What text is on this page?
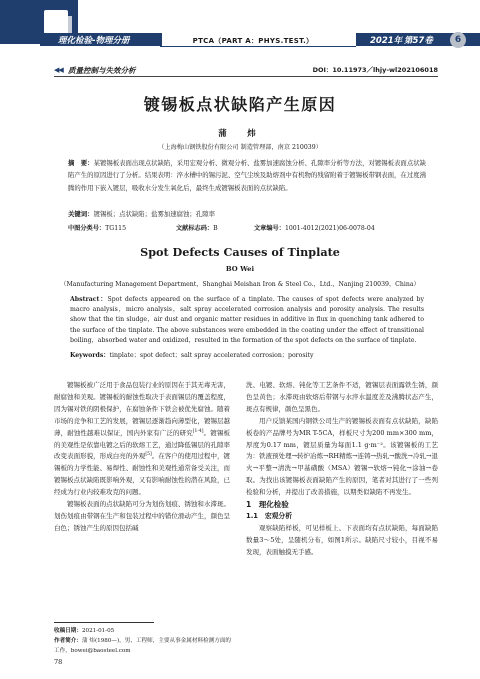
理化检验-物理分册	PTCA（PART A：PHYS.TEST.）	2021年 第57卷	6
◀◀ 质量控制与失效分析	DOI：10.11973／lhjy-wl202106018
镀锡板点状缺陷产生原因
蒲　炜
（上海梅山钢铁股份有限公司 制造管理部，南京 210039）
摘　要：某镀锡板表面出现点状缺陷，采用宏观分析、微观分析、盐雾加速腐蚀分析、孔隙率分析等方法，对镀锡板表面点状缺陷产生的原因进行了分析。结果表明：淬水槽中的锡污泥、空气尘埃及助熔剂中有机物的残留附着于镀锡板带钢表面，在过度沸腾的作用下嵌入镀层，吸收水分发生氧化后，最终生成镀锡板表面的点状缺陷。
关键词：镀锡板；点状缺陷；盐雾加速腐蚀；孔隙率
中图分类号：TG115	文献标志码：B	文章编号：1001-4012(2021)06-0078-04
Spot Defects Causes of Tinplate
BO Wei
（Manufacturing Management Department，Shanghai Meishan Iron & Steel Co.，Ltd.，Nanjing 210039，China）
Abstract：Spot defects appeared on the surface of a tinplate. The causes of spot defects were analyzed by macro analysis，micro analysis，salt spray accelerated corrosion analysis and porosity analysis. The results show that the tin sludge，air dust and organic matter residues in additive in flux in quenching tank adhered to the surface of the tinplate. The above substances were embedded in the coating under the effect of transitional boiling，absorbed water and oxidized，resulted in the formation of the spot defects on the surface of tinplate.
Keywords：tinplate；spot defect；salt spray accelerated corrosion；porosity

镀锡板被广泛用于食品包装行业的原因在于其无毒无害，耐腐蚀和美观。镀锡板的耐蚀性取决于表面锡层的覆盖程度，因为锡对铁的阴极保护，在腐蚀条件下铁会被优先腐蚀。随着市场的竞争和工艺的发展，镀锡层逐渐趋向薄型化，镀锡层越薄，耐蚀性越难以保证，国内外家有广泛的研究[1-4]。镀锡板的美观性是依靠电镀之后的软熔工艺，通过降低锡层的孔隙率改变表面形貌，形成白亮的外观[5]。在客户的使用过程中，镀锡板的力学性能、易焊性、耐蚀性和美观性通常备受关注，而镀锡板点状缺陷既影响外观，又有影响耐蚀性的潜在风险，已经成为行业内较难攻克的问题。

镀锡板表面的点状缺陷可分为划伤划痕、锈蚀和水滞斑。划伤划痕由带钢在生产和包装过程中的错位滑动产生，颜色呈白色；锈蚀产生的原因包括碱

洗、电镀、软熔、钝化等工艺条件不适，镀锡层表面露铁生锈，颜色呈黄色；水滞斑由软熔后带钢与水淬水温度差及沸腾状态产生，斑点有规律，颜色呈黑色。

用户反馈某国内钢铁公司生产的镀锡板表面有点状缺陷，缺陷板卷的产品牌号为MR T-5CA，样板尺寸为200 mm×300 mm，厚度为0.17 mm，镀层质量为每面1.1 g·m⁻²。该镀锡板的工艺为：铁液预处理→转炉冶炼→RH精炼→连铸→热轧→酸洗→冷轧→退火→平整→清洗→甲基磺酸（MSA）镀锡→软熔→钝化→涂油→卷取。为找出该镀锡板表面缺陷产生的原因，笔者对其进行了一些列检验和分析，并提出了改善措施，以期类似缺陷不再发生。

1　理化检验

1.1　宏观分析

观察缺陷样板，可见样板上、下表面均有点状缺陷，每面缺陷数量3～5处，呈随机分布，如图1所示。缺陷尺寸较小，目视不易发现，表面触摸无手感。

收稿日期：2021-01-05
作者简介：蒲 炜(1980—)，男，工程师，主要从事金属材料检测方面的工作，bowei@baosteel.com
78
